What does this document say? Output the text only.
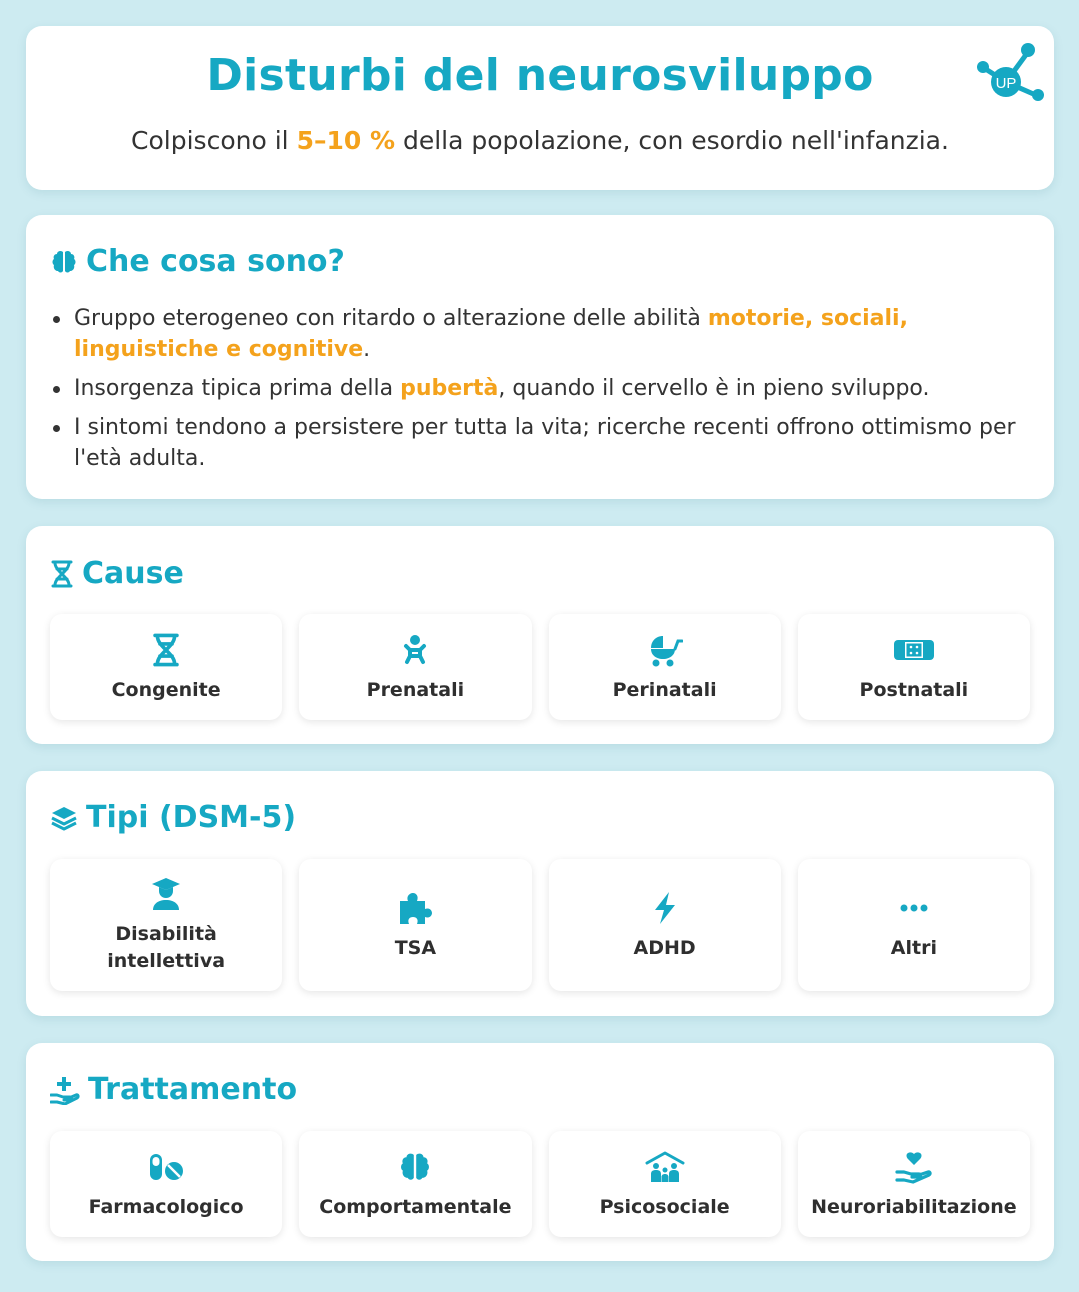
Disturbi del neurosviluppo

Colpiscono il 5–10 % della popolazione, con esordio nell'infanzia.

UP
Che cosa sono?
Gruppo eterogeneo con ritardo o alterazione delle abilità motorie, sociali, linguistiche e cognitive.
Insorgenza tipica prima della pubertà, quando il cervello è in pieno sviluppo.
I sintomi tendono a persistere per tutta la vita; ricerche recenti offrono ottimismo per l'età adulta.
Cause
Congenite	Prenatali	Perinatali	Postnatali
Tipi (DSM-5)
Disabilità intellettiva
TSA	ADHD	Altri
Trattamento
Farmacologico	Comportamentale	Psicosociale	Neuroriabilitazione
